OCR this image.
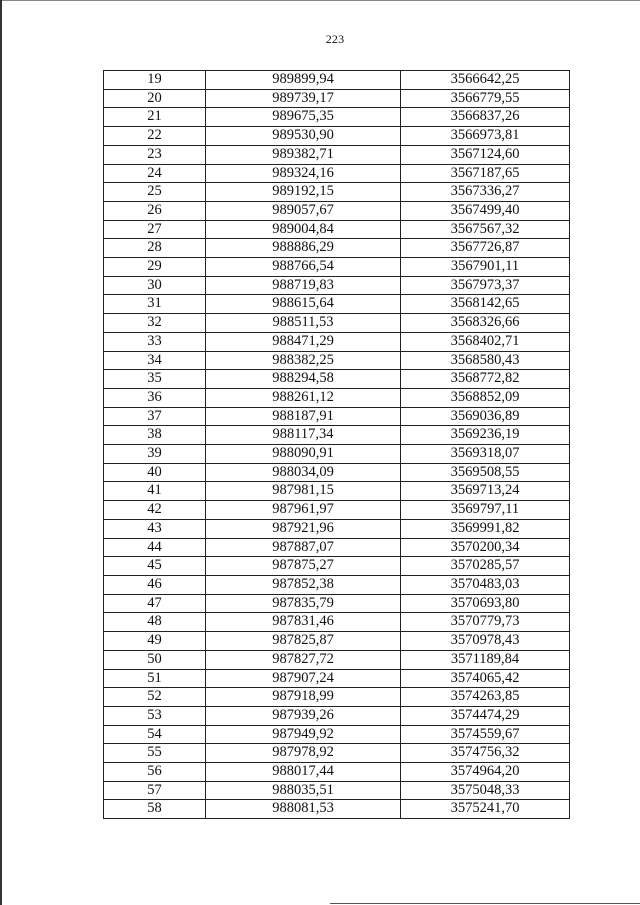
223
19	989899,94	3566642,25
20	989739,17	3566779,55
21	989675,35	3566837,26
22	989530,90	3566973,81
23	989382,71	3567124,60
24	989324,16	3567187,65
25	989192,15	3567336,27
26	989057,67	3567499,40
27	989004,84	3567567,32
28	988886,29	3567726,87
29	988766,54	3567901,11
30	988719,83	3567973,37
31	988615,64	3568142,65
32	988511,53	3568326,66
33	988471,29	3568402,71
34	988382,25	3568580,43
35	988294,58	3568772,82
36	988261,12	3568852,09
37	988187,91	3569036,89
38	988117,34	3569236,19
39	988090,91	3569318,07
40	988034,09	3569508,55
41	987981,15	3569713,24
42	987961,97	3569797,11
43	987921,96	3569991,82
44	987887,07	3570200,34
45	987875,27	3570285,57
46	987852,38	3570483,03
47	987835,79	3570693,80
48	987831,46	3570779,73
49	987825,87	3570978,43
50	987827,72	3571189,84
51	987907,24	3574065,42
52	987918,99	3574263,85
53	987939,26	3574474,29
54	987949,92	3574559,67
55	987978,92	3574756,32
56	988017,44	3574964,20
57	988035,51	3575048,33
58	988081,53	3575241,70
